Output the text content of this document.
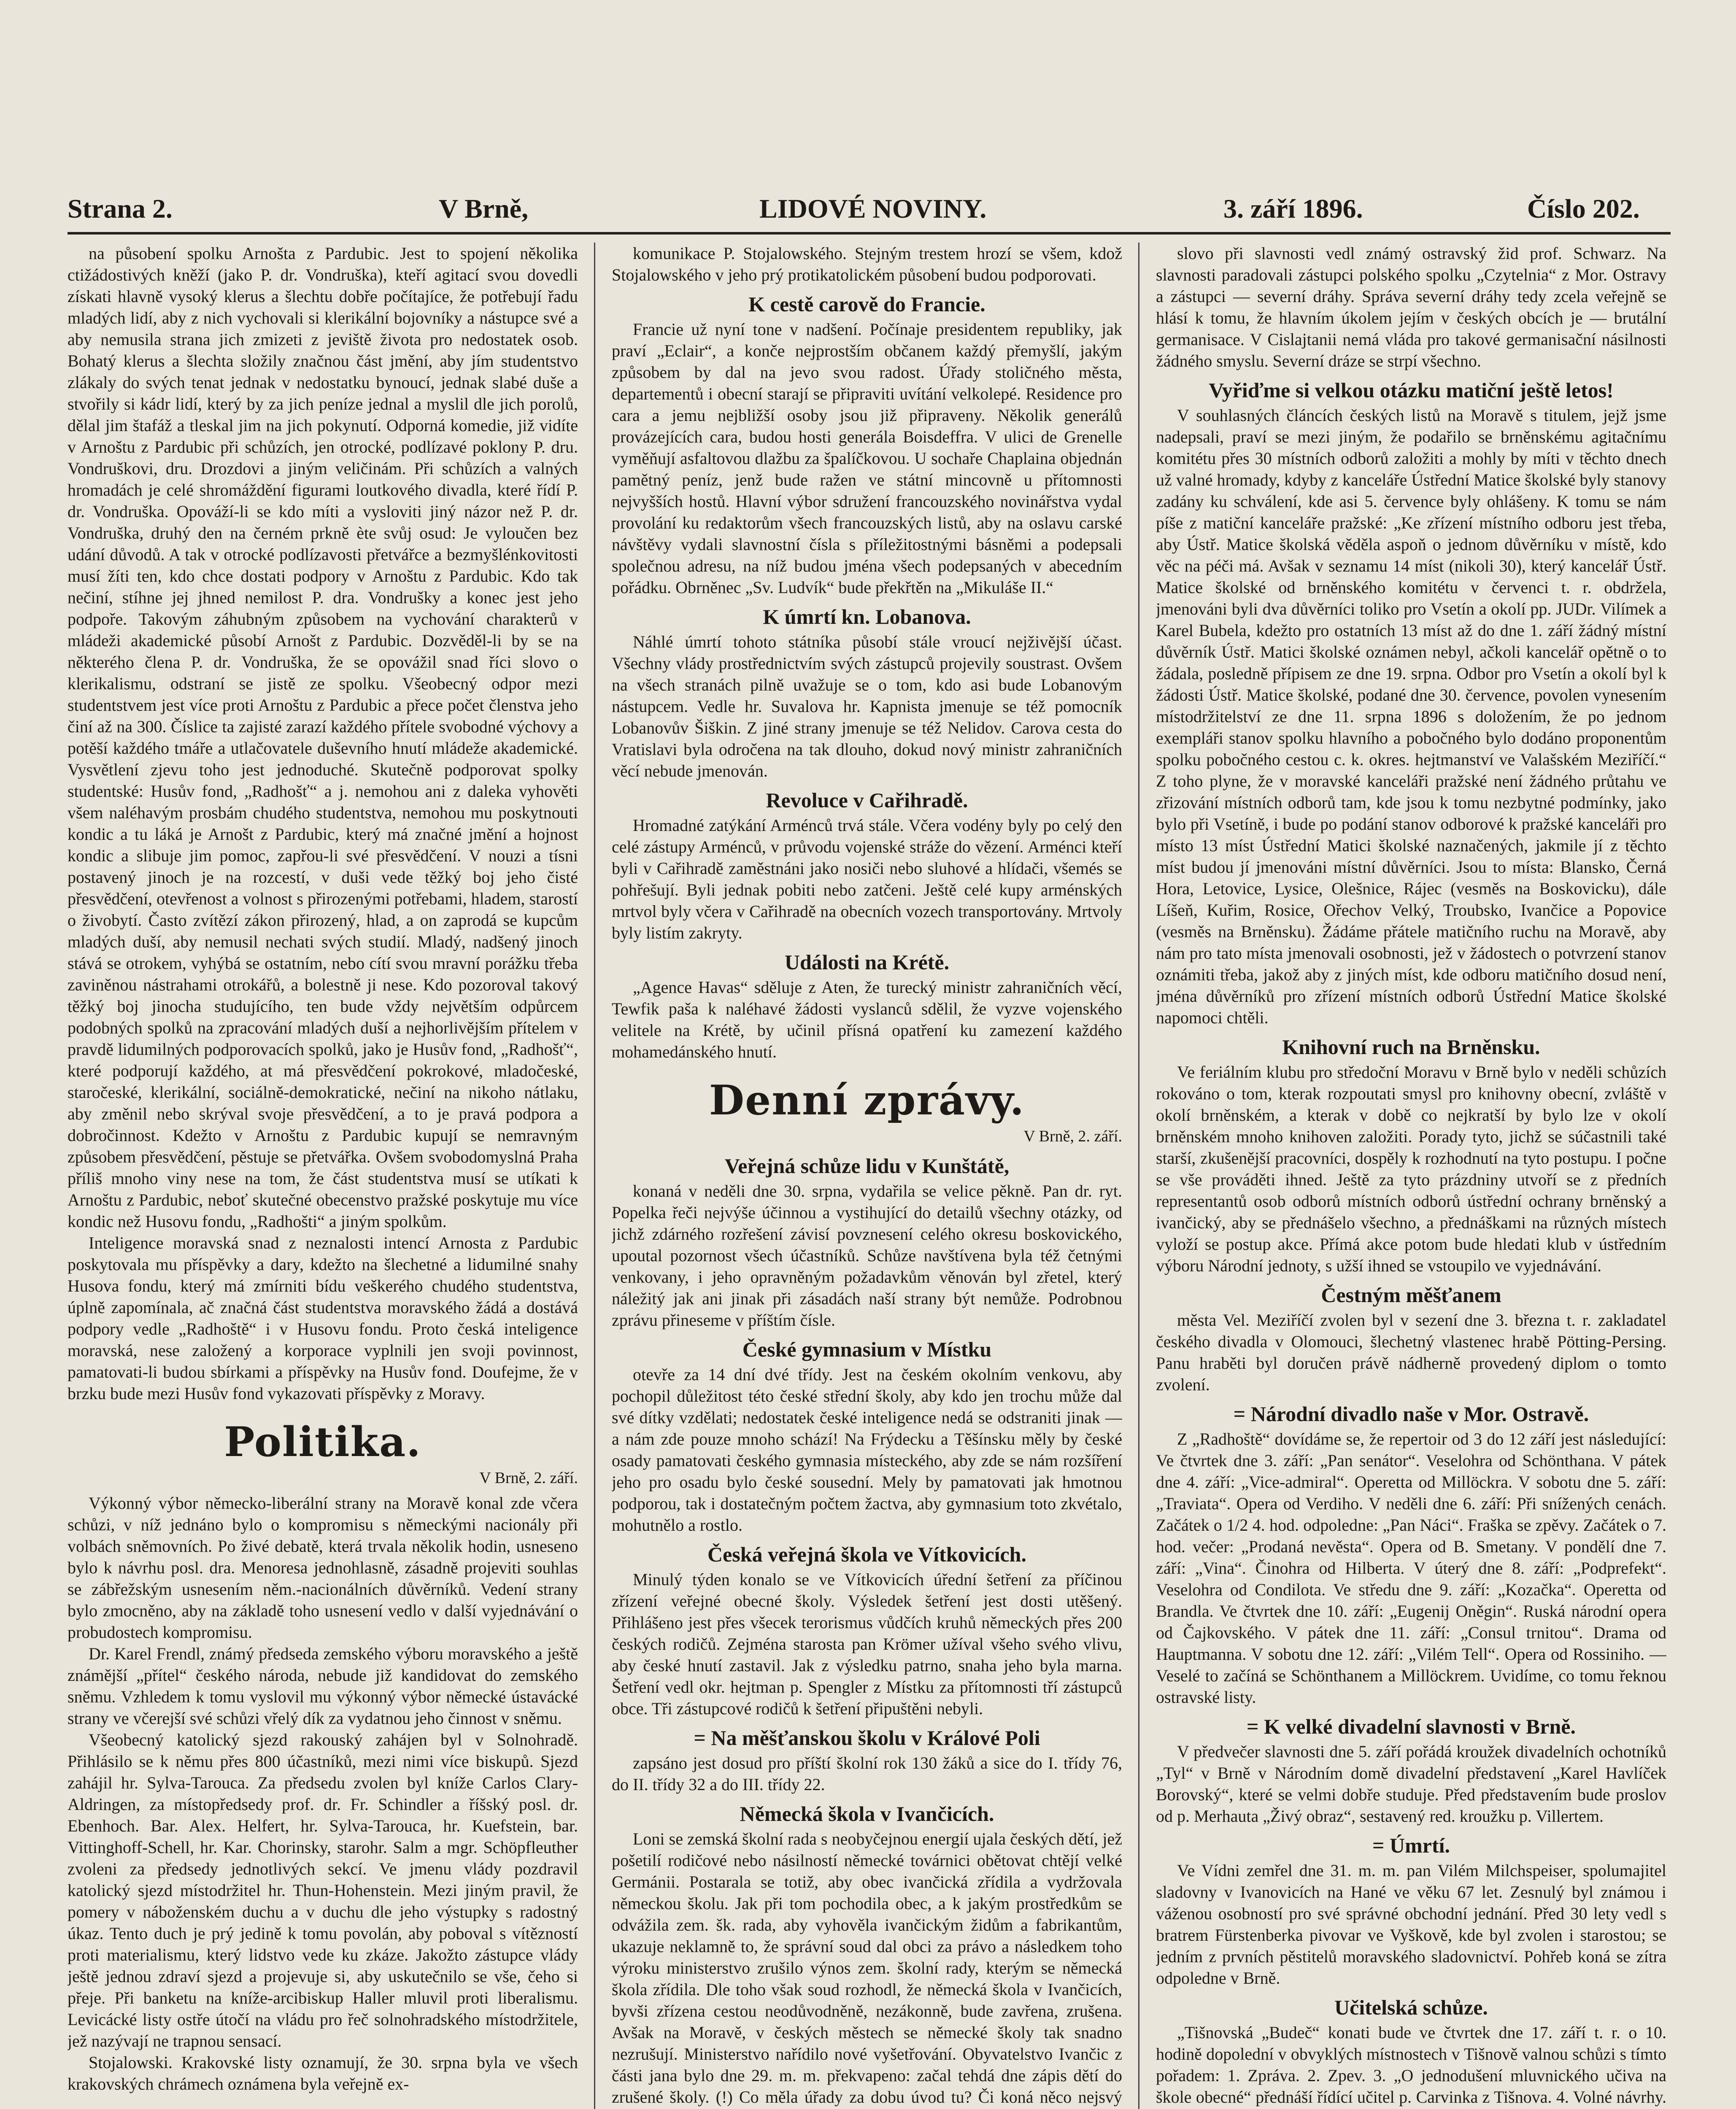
Strana 2.	V Brně,	LIDOVÉ NOVINY.	3. září 1896.	Číslo 202.

na působení spolku Arnošta z Pardubic. Jest to spojení několika ctižádostivých kněží (jako P. dr. Vondruška), kteří agitací svou dovedli získati hlavně vysoký klerus a šlechtu dobře počítajíce, že potřebují řadu mladých lidí, aby z nich vychovali si klerikální bojovníky a nástupce své a aby nemusila strana jich zmizeti z jeviště života pro nedostatek osob. Bohatý klerus a šlechta složily značnou část jmění, aby jím studentstvo zlákaly do svých tenat jednak v nedostatku bynoucí, jednak slabé duše a stvořily si kádr lidí, který by za jich peníze jednal a myslil dle jich porolů, dělal jim štafáž a tleskal jim na jich pokynutí. Odporná komedie, již vidíte v Arnoštu z Pardubic při schůzích, jen otrocké, podlízavé poklony P. dru. Vondruškovi, dru. Drozdovi a jiným veličinám. Při schůzích a valných hromadách je celé shromáždění figurami loutkového divadla, které řídí P. dr. Vondruška. Opováží-li se kdo míti a vysloviti jiný názor než P. dr. Vondruška, druhý den na černém prkně ète svůj osud: Je vyloučen bez udání důvodů. A tak v otrocké podlízavosti přetvářce a bezmyšlénkovitosti musí žíti ten, kdo chce dostati podpory v Arnoštu z Pardubic. Kdo tak nečiní, stíhne jej jhned nemilost P. dra. Vondrušky a konec jest jeho podpoře. Takovým záhubným způsobem na vychování charakterů v mládeži akademické působí Arnošt z Pardubic. Dozvěděl-li by se na některého člena P. dr. Vondruška, že se opovážil snad říci slovo o klerikalismu, odstraní se jistě ze spolku. Všeobecný odpor mezi studentstvem jest více proti Arnoštu z Pardubic a přece počet členstva jeho činí až na 300. Číslice ta zajisté zarazí každého přítele svobodné výchovy a potěší každého tmáře a utlačovatele duševního hnutí mládeže akademické. Vysvětlení zjevu toho jest jednoduché. Skutečně podporovat spolky studentské: Husův fond, „Radhošť“ a j. nemohou ani z daleka vyhověti všem naléhavým prosbám chudého studentstva, nemohou mu poskytnouti kondic a tu láká je Arnošt z Pardubic, který má značné jmění a hojnost kondic a slibuje jim pomoc, zapřou-li své přesvědčení. V nouzi a tísni postavený jinoch je na rozcestí, v duši vede těžký boj jeho čisté přesvědčení, otevřenost a volnost s přirozenými potřebami, hladem, starostí o živobytí. Často zvítězí zákon přirozený, hlad, a on zaprodá se kupcům mladých duší, aby nemusil nechati svých studií. Mladý, nadšený jinoch stává se otrokem, vyhýbá se ostatním, nebo cítí svou mravní porážku třeba zaviněnou nástrahami otrokářů, a bolestně ji nese. Kdo pozoroval takový těžký boj jinocha studujícího, ten bude vždy největším odpůrcem podobných spolků na zpracování mladých duší a nejhorlivějším přítelem v pravdě lidumilných podporovacích spolků, jako je Husův fond, „Radhošť“, které podporují každého, at má přesvědčení pokrokové, mladočeské, staročeské, klerikální, sociálně-demokratické, nečiní na nikoho nátlaku, aby změnil nebo skrýval svoje přesvědčení, a to je pravá podpora a dobročinnost. Kdežto v Arnoštu z Pardubic kupují se nemravným způsobem přesvědčení, pěstuje se přetvářka. Ovšem svobodomyslná Praha příliš mnoho viny nese na tom, že část studentstva musí se utíkati k Arnoštu z Pardubic, neboť skutečné obecenstvo pražské poskytuje mu více kondic než Husovu fondu, „Radhošti“ a jiným spolkům.

Inteligence moravská snad z neznalosti intencí Arnosta z Pardubic poskytovala mu příspěvky a dary, kdežto na šlechetné a lidumilné snahy Husova fondu, který má zmírniti bídu veškerého chudého studentstva, úplně zapomínala, ač značná část studentstva moravského žádá a dostává podpory vedle „Radhoště“ i v Husovu fondu. Proto česká inteligence moravská, nese založený a korporace vyplnili jen svoji povinnost, pamatovati-li budou sbírkami a příspěvky na Husův fond. Doufejme, že v brzku bude mezi Husův fond vykazovati příspěvky z Moravy.

Politika.
V Brně, 2. září.

Výkonný výbor německo-liberální strany na Moravě konal zde včera schůzi, v níž jednáno bylo o kompromisu s německými nacionály při volbách sněmovních. Po živé debatě, která trvala několik hodin, usneseno bylo k návrhu posl. dra. Menoresa jednohlasně, zásadně projeviti souhlas se zábřežským usnesením něm.-nacionálních důvěrníků. Vedení strany bylo zmocněno, aby na základě toho usnesení vedlo v další vyjednávání o probudostech kompromisu.

Dr. Karel Frendl, známý předseda zemského výboru moravského a ještě známější „přítel“ českého národa, nebude již kandidovat do zemského sněmu. Vzhledem k tomu vyslovil mu výkonný výbor německé ústavácké strany ve včerejší své schůzi vřelý dík za vydatnou jeho činnost v sněmu.

Všeobecný katolický sjezd rakouský zahájen byl v Solnohradě. Přihlásilo se k němu přes 800 účastníků, mezi nimi více biskupů. Sjezd zahájil hr. Sylva-Tarouca. Za předsedu zvolen byl kníže Carlos Clary-Aldringen, za místopředsedy prof. dr. Fr. Schindler a říšský posl. dr. Ebenhoch. Bar. Alex. Helfert, hr. Sylva-Tarouca, hr. Kuefstein, bar. Vittinghoff-Schell, hr. Kar. Chorinsky, starohr. Salm a mgr. Schöpfleuther zvoleni za předsedy jednotlivých sekcí. Ve jmenu vlády pozdravil katolický sjezd místodržitel hr. Thun-Hohenstein. Mezi jiným pravil, že pomery v náboženském duchu a v duchu dle jeho výstupky s radostný úkaz. Tento duch je prý jedině k tomu povolán, aby poboval s vítězností proti materialismu, který lidstvo vede ku zkáze. Jakožto zástupce vlády ještě jednou zdraví sjezd a projevuje si, aby uskutečnilo se vše, čeho si přeje. Při banketu na kníže-arcibiskup Haller mluvil proti liberalismu. Levicácké listy ostře útočí na vládu pro řeč solnohradského místodržitele, jež nazývají ne trapnou sensací.

Stojalowski. Krakovské listy oznamují, že 30. srpna byla ve všech krakovských chrámech oznámena byla veřejně ex-

komunikace P. Stojalowského. Stejným trestem hrozí se všem, kdož Stojalowského v jeho prý protikatolickém působení budou podporovati.

K cestě carově do Francie.

Francie už nyní tone v nadšení. Počínaje presidentem republiky, jak praví „Eclair“, a konče nejprostším občanem každý přemyšlí, jakým způsobem by dal na jevo svou radost. Úřady stoličného města, departementů i obecní starají se připraviti uvítání velkolepé. Residence pro cara a jemu nejbližší osoby jsou již připraveny. Několik generálů provázejících cara, budou hosti generála Boisdeffra. V ulici de Grenelle vyměňují asfaltovou dlažbu za špalíčkovou. U sochaře Chaplaina objednán pamětný peníz, jenž bude ražen ve státní mincovně u přítomnosti nejvyšších hostů. Hlavní výbor sdružení francouzského novinářstva vydal provolání ku redaktorům všech francouzských listů, aby na oslavu carské návštěvy vydali slavnostní čísla s příležitostnými básněmi a podepsali společnou adresu, na níž budou jména všech podepsaných v abecedním pořádku. Obrněnec „Sv. Ludvík“ bude překřtěn na „Mikuláše II.“

K úmrtí kn. Lobanova.

Náhlé úmrtí tohoto státníka působí stále vroucí nejživější účast. Všechny vlády prostřednictvím svých zástupců projevily soustrast. Ovšem na všech stranách pilně uvažuje se o tom, kdo asi bude Lobanovým nástupcem. Vedle hr. Suvalova hr. Kapnista jmenuje se též pomocník Lobanovův Šiškin. Z jiné strany jmenuje se též Nelidov. Carova cesta do Vratislavi byla odročena na tak dlouho, dokud nový ministr zahraničních věcí nebude jmenován.

Revoluce v Cařihradě.

Hromadné zatýkání Arménců trvá stále. Včera vodény byly po celý den celé zástupy Arménců, v průvodu vojenské stráže do vězení. Arménci kteří byli v Cařihradě zaměstnáni jako nosiči nebo sluhové a hlídači, všemés se pohřešují. Byli jednak pobiti nebo zatčeni. Ještě celé kupy arménských mrtvol byly včera v Cařihradě na obecních vozech transportovány. Mrtvoly byly listím zakryty.

Události na Krétě.

„Agence Havas“ sděluje z Aten, že turecký ministr zahraničních věcí, Tewfik paša k naléhavé žádosti vyslanců sdělil, že vyzve vojenského velitele na Krétě, by učinil přísná opatření ku zamezení každého mohamedánského hnutí.

Denní zprávy.
V Brně, 2. září.
Veřejná schůze lidu v Kunštátě,

konaná v neděli dne 30. srpna, vydařila se velice pěkně. Pan dr. ryt. Popelka řeči nejvýše účinnou a vystihující do detailů všechny otázky, od jichž zdárného rozřešení závisí povznesení celého okresu boskovického, upoutal pozornost všech účastníků. Schůze navštívena byla též četnými venkovany, i jeho opravněným požadavkům věnován byl zřetel, který náležitý jak ani jinak při zásadách naší strany být nemůže. Podrobnou zprávu přineseme v příštím čísle.

České gymnasium v Místku

otevře za 14 dní dvé třídy. Jest na českém okolním venkovu, aby pochopil důležitost této české střední školy, aby kdo jen trochu může dal své dítky vzdělati; nedostatek české inteligence nedá se odstraniti jinak — a nám zde pouze mnoho schází! Na Frýdecku a Těšínsku měly by české osady pamatovati českého gymnasia místeckého, aby zde se nám rozšíření jeho pro osadu bylo české sousední. Mely by pamatovati jak hmotnou podporou, tak i dostatečným počtem žactva, aby gymnasium toto zkvétalo, mohutnělo a rostlo.

Česká veřejná škola ve Vítkovicích.

Minulý týden konalo se ve Vítkovicích úřední šetření za příčinou zřízení veřejné obecné školy. Výsledek šetření jest dosti utěšený. Přihlášeno jest přes všecek terorismus vůdčích kruhů německých přes 200 českých rodičů. Zejména starosta pan Krömer užíval všeho svého vlivu, aby české hnutí zastavil. Jak z výsledku patrno, snaha jeho byla marna. Šetření vedl okr. hejtman p. Spengler z Místku za přítomnosti tří zástupců obce. Tři zástupcové rodičů k šetření připuštěni nebyli.

= Na měšťanskou školu v Králové Poli

zapsáno jest dosud pro příští školní rok 130 žáků a sice do I. třídy 76, do II. třídy 32 a do III. třídy 22.

Německá škola v Ivančicích.

Loni se zemská školní rada s neobyčejnou energií ujala českých dětí, jež pošetilí rodičové nebo násilností německé továrnici obětovat chtějí velké Germánii. Postarala se totiž, aby obec ivančická zřídila a vydržovala německou školu. Jak při tom pochodila obec, a k jakým prostředkům se odvážila zem. šk. rada, aby vyhověla ivančickým židům a fabrikantům, ukazuje neklamně to, že správní soud dal obci za právo a následkem toho výroku ministerstvo zrušilo výnos zem. školní rady, kterým se německá škola zřídila. Dle toho však soud rozhodl, že německá škola v Ivančicích, byvši zřízena cestou neodůvodněně, nezákonně, bude zavřena, zrušena. Avšak na Moravě, v českých městech se německé školy tak snadno nezrušují. Ministerstvo nařídilo nové vyšetřování. Obyvatelstvo Ivančic z části jana bylo dne 29. m. m. překvapeno: začal tehdá dne zápis dětí do zrušené školy. (!) Co měla úřady za dobu úvod tu? Či koná něco nejsvý

slovo při slavnosti vedl známý ostravský žid prof. Schwarz. Na slavnosti paradovali zástupci polského spolku „Czytelnia“ z Mor. Ostravy a zástupci — severní dráhy. Správa severní dráhy tedy zcela veřejně se hlásí k tomu, že hlavním úkolem jejím v českých obcích je — brutální germanisace. V Cislajtanii nemá vláda pro takové germanisační násilnosti žádného smyslu. Severní dráze se strpí všechno.

Vyřiďme si velkou otázku matiční ještě letos!

V souhlasných článcích českých listů na Moravě s titulem, jejž jsme nadepsali, praví se mezi jiným, že podařilo se brněnskému agitačnímu komitétu přes 30 místních odborů založiti a mohly by míti v těchto dnech už valné hromady, kdyby z kanceláře Ústřední Matice školské byly stanovy zadány ku schválení, kde asi 5. července byly ohlášeny. K tomu se nám píše z matiční kanceláře pražské: „Ke zřízení místního odboru jest třeba, aby Ústř. Matice školská věděla aspoň o jednom důvěrníku v místě, kdo věc na péči má. Avšak v seznamu 14 míst (nikoli 30), který kancelář Ústř. Matice školské od brněnského komitétu v červenci t. r. obdržela, jmenováni byli dva důvěrníci toliko pro Vsetín a okolí pp. JUDr. Vilímek a Karel Bubela, kdežto pro ostatních 13 míst až do dne 1. září žádný místní důvěrník Ústř. Matici školské oznámen nebyl, ačkoli kancelář opětně o to žádala, posledně přípisem ze dne 19. srpna. Odbor pro Vsetín a okolí byl k žádosti Ústř. Matice školské, podané dne 30. července, povolen vynesením místodržitelství ze dne 11. srpna 1896 s doložením, že po jednom exempláři stanov spolku hlavního a pobočného bylo dodáno proponentům spolku pobočného cestou c. k. okres. hejtmanství ve Valašském Meziříčí.“ Z toho plyne, že v moravské kanceláři pražské není žádného průtahu ve zřizování místních odborů tam, kde jsou k tomu nezbytné podmínky, jako bylo při Vsetíně, i bude po podání stanov odborové k pražské kanceláři pro místo 13 míst Ústřední Matici školské naznačených, jakmile jí z těchto míst budou jí jmenováni místní důvěrníci. Jsou to místa: Blansko, Černá Hora, Letovice, Lysice, Olešnice, Rájec (vesměs na Boskovicku), dále Líšeň, Kuřim, Rosice, Ořechov Velký, Troubsko, Ivančice a Popovice (vesměs na Brněnsku). Žádáme přátele matičního ruchu na Moravě, aby nám pro tato místa jmenovali osobnosti, jež v žádostech o potvrzení stanov oznámiti třeba, jakož aby z jiných míst, kde odboru matičního dosud není, jména důvěrníků pro zřízení místních odborů Ústřední Matice školské napomoci chtěli.

Knihovní ruch na Brněnsku.

Ve feriálním klubu pro středoční Moravu v Brně bylo v neděli schůzích rokováno o tom, kterak rozpoutati smysl pro knihovny obecní, zvláště v okolí brněnském, a kterak v době co nejkratší by bylo lze v okolí brněnském mnoho knihoven založiti. Porady tyto, jichž se súčastnili také starší, zkušenější pracovníci, dospěly k rozhodnutí na tyto postupu. I počne se vše prováděti ihned. Ještě za tyto prázdniny utvoří se z předních representantů osob odborů místních odborů ústřední ochrany brněnský a ivančický, aby se přednášelo všechno, a přednáškami na různých místech vyloží se postup akce. Přímá akce potom bude hledati klub v ústředním výboru Národní jednoty, s užší ihned se vstoupilo ve vyjednávání.

Čestným měšťanem

města Vel. Meziříčí zvolen byl v sezení dne 3. března t. r. zakladatel českého divadla v Olomouci, šlechetný vlastenec hrabě Pötting-Persing. Panu hraběti byl doručen právě nádherně provedený diplom o tomto zvolení.

= Národní divadlo naše v Mor. Ostravě.

Z „Radhoště“ dovídáme se, že repertoir od 3 do 12 září jest následující: Ve čtvrtek dne 3. září: „Pan senátor“. Veselohra od Schönthana. V pátek dne 4. září: „Vice-admiral“. Operetta od Millöckra. V sobotu dne 5. září: „Traviata“. Opera od Verdiho. V neděli dne 6. září: Při snížených cenách. Začátek o 1/2 4. hod. odpoledne: „Pan Náci“. Fraška se zpěvy. Začátek o 7. hod. večer: „Prodaná nevěsta“. Opera od B. Smetany. V pondělí dne 7. září: „Vina“. Činohra od Hilberta. V úterý dne 8. září: „Podprefekt“. Veselohra od Condilota. Ve středu dne 9. září: „Kozačka“. Operetta od Brandla. Ve čtvrtek dne 10. září: „Eugenij Oněgin“. Ruská národní opera od Čajkovského. V pátek dne 11. září: „Consul trnitou“. Drama od Hauptmanna. V sobotu dne 12. září: „Vilém Tell“. Opera od Rossiniho. — Veselé to začíná se Schönthanem a Millöckrem. Uvidíme, co tomu řeknou ostravské listy.

= K velké divadelní slavnosti v Brně.

V předvečer slavnosti dne 5. září pořádá kroužek divadelních ochotníků „Tyl“ v Brně v Národním domě divadelní představení „Karel Havlíček Borovský“, které se velmi dobře studuje. Před představením bude proslov od p. Merhauta „Živý obraz“, sestavený red. kroužku p. Villertem.

= Úmrtí.

Ve Vídni zemřel dne 31. m. m. pan Vilém Milchspeiser, spolumajitel sladovny v Ivanovicích na Hané ve věku 67 let. Zesnulý byl známou i váženou osobností pro své správné obchodní jednání. Před 30 lety vedl s bratrem Fürstenberka pivovar ve Vyškově, kde byl zvolen i starostou; se jedním z prvních pěstitelů moravského sladovnictví. Pohřeb koná se zítra odpoledne v Brně.

Učitelská schůze.

„Tišnovská „Budeč“ konati bude ve čtvrtek dne 17. září t. r. o 10. hodině dopolední v obvyklých místnostech v Tišnově valnou schůzi s tímto pořadem: 1. Zpráva. 2. Zpev. 3. „O jednodušení mluvnického učiva na škole obecné“ přednáší řídící učitel p. Carvinka z Tišnova. 4. Volné návrhy.
